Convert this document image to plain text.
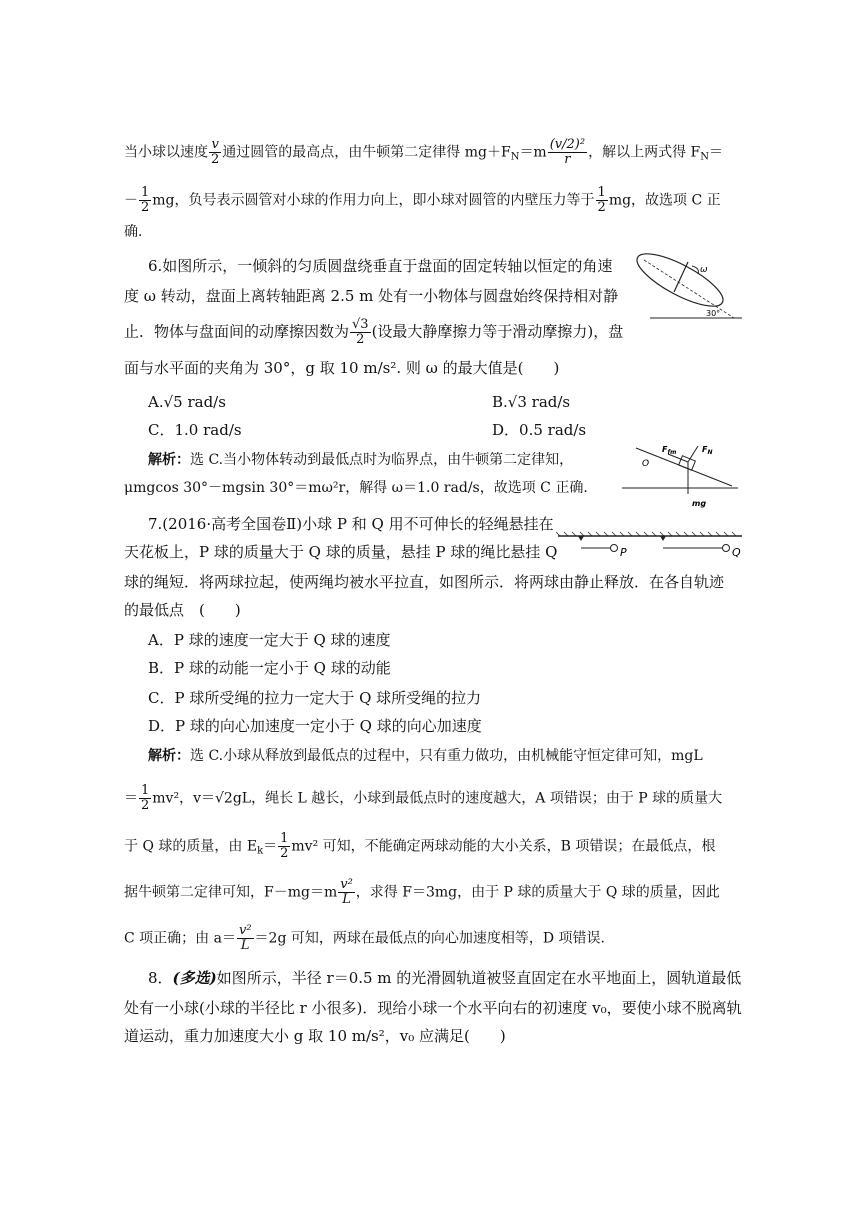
当小球以速度 $\frac{v}{2}$ 通过圆管的最高点，由牛顿第二定律得 $mg+F_N=m \frac{\text{(v/2)²}}{r}$ ，解以上两式得 $F_N=$
－ $\frac{1}{2}$ mg，负号表示圆管对小球的作用力向上，即小球对圆管的内壁压力等于 $\frac{1}{2}$ mg，故选项 C 正
确.
6.如图所示，一倾斜的匀质圆盘绕垂直于盘面的固定转轴以恒定的角速
度 ω 转动，盘面上离转轴距离 2.5 m 处有一小物体与圆盘始终保持相对静
止．物体与盘面间的动摩擦因数为 $\frac{√3}{2}$ (设最大静摩擦力等于滑动摩擦力)，盘
面与水平面的夹角为 30°，g 取 10 m/s². 则 ω 的最大值是(　　)
A.√5 rad/s	B.√3 rad/s
C．1.0 rad/s	D．0.5 rad/s
ω
30°
解析：选 C.当小物体转动到最低点时为临界点，由牛顿第二定律知，
μmgcos 30°－mgsin 30°＝mω²r，解得 ω＝1.0 rad/s，故选项 C 正确.
O
$F_{fm}$	$F_N$
mg
7.(2016·高考全国卷Ⅱ)小球 P 和 Q 用不可伸长的轻绳悬挂在
天花板上，P 球的质量大于 Q 球的质量，悬挂 P 球的绳比悬挂 Q
球的绳短．将两球拉起，使两绳均被水平拉直，如图所示．将两球由静止释放．在各自轨迹
的最低点　(　　)
P	Q
A．P 球的速度一定大于 Q 球的速度
B．P 球的动能一定小于 Q 球的动能
C．P 球所受绳的拉力一定大于 Q 球所受绳的拉力
D．P 球的向心加速度一定小于 Q 球的向心加速度
解析：选 C.小球从释放到最低点的过程中，只有重力做功，由机械能守恒定律可知，mgL
＝ $\frac{1}{2} mv^2$，v＝√2gL，绳长 L 越长，小球到最低点时的速度越大，A 项错误；由于 P 球的质量大
于 Q 球的质量，由 $E_k= \frac{1}{2} mv^2$ 可知，不能确定两球动能的大小关系，B 项错误；在最低点，根
据牛顿第二定律可知，$F-mg=m \frac{\text{v²}}{L}$ ，求得 F＝3mg，由于 P 球的质量大于 Q 球的质量，因此
C 项正确；由 $a= \frac{\text{v²}}{L} =2g$ 可知，两球在最低点的向心加速度相等，D 项错误.
8．(多选)如图所示，半径 r＝0.5 m 的光滑圆轨道被竖直固定在水平地面上，圆轨道最低
处有一小球(小球的半径比 r 小很多)．现给小球一个水平向右的初速度 v₀，要使小球不脱离轨
道运动，重力加速度大小 g 取 10 m/s²，v₀ 应满足(　　)
